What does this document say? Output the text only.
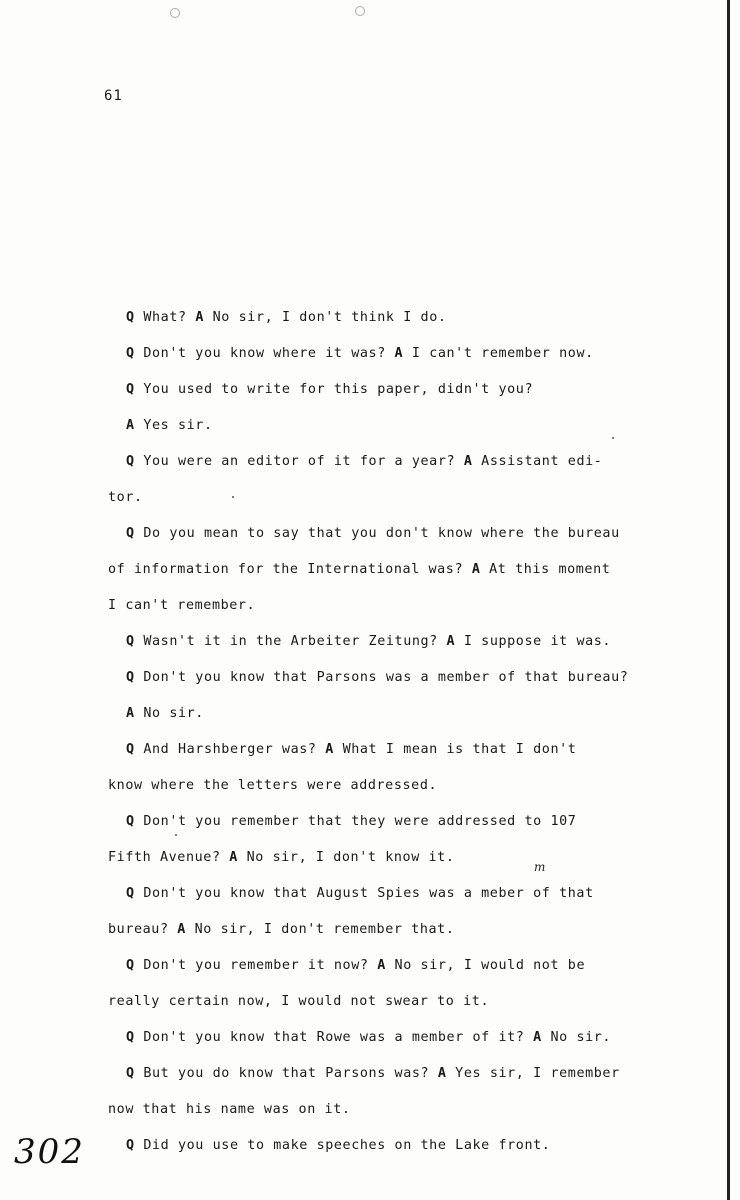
61
Q What? A No sir, I don't think I do.
Q Don't you know where it was? A I can't remember now.
Q You used to write for this paper, didn't you?
A Yes sir.
Q You were an editor of it for a year? A Assistant edi-
tor.
Q Do you mean to say that you don't know where the bureau
of information for the International was? A At this moment
I can't remember.
Q Wasn't it in the Arbeiter Zeitung? A I suppose it was.
Q Don't you know that Parsons was a member of that bureau?
A No sir.
Q And Harshberger was? A What I mean is that I don't
know where the letters were addressed.
Q Don't you remember that they were addressed to 107
Fifth Avenue? A No sir, I don't know it.
Q Don't you know that August Spies was a meber of that
bureau? A No sir, I don't remember that.
Q Don't you remember it now? A No sir, I would not be
really certain now, I would not swear to it.
Q Don't you know that Rowe was a member of it? A No sir.
Q But you do know that Parsons was? A Yes sir, I remember
now that his name was on it.
Q Did you use to make speeches on the Lake front.
m
302
